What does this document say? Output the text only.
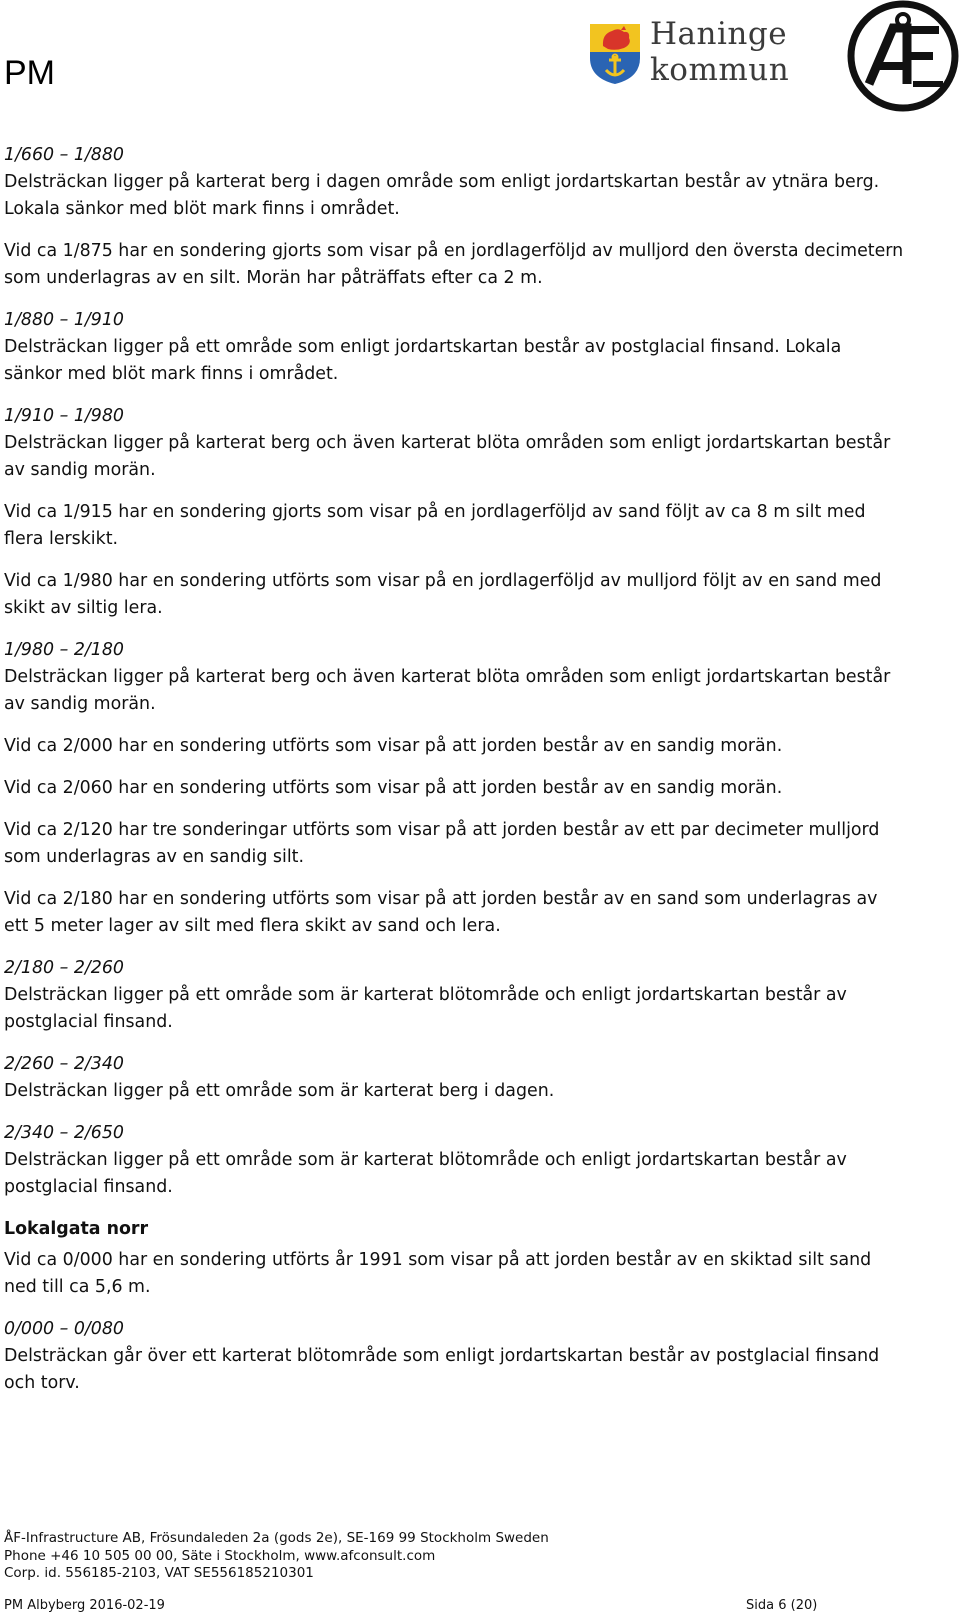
PM
Haninge
kommun

1/660 – 1/880

Delsträckan ligger på karterat berg i dagen område som enligt jordartskartan består av ytnära berg. Lokala sänkor med blöt mark finns i området.

Vid ca 1/875 har en sondering gjorts som visar på en jordlagerföljd av mulljord den översta decimetern som underlagras av en silt. Morän har påträffats efter ca 2 m.

1/880 – 1/910

Delsträckan ligger på ett område som enligt jordartskartan består av postglacial finsand. Lokala sänkor med blöt mark finns i området.

1/910 – 1/980

Delsträckan ligger på karterat berg och även karterat blöta områden som enligt jordartskartan består av sandig morän.

Vid ca 1/915 har en sondering gjorts som visar på en jordlagerföljd av sand följt av ca 8 m silt med flera lerskikt.

Vid ca 1/980 har en sondering utförts som visar på en jordlagerföljd av mulljord följt av en sand med skikt av siltig lera.

1/980 – 2/180

Delsträckan ligger på karterat berg och även karterat blöta områden som enligt jordartskartan består av sandig morän.

Vid ca 2/000 har en sondering utförts som visar på att jorden består av en sandig morän.

Vid ca 2/060 har en sondering utförts som visar på att jorden består av en sandig morän.

Vid ca 2/120 har tre sonderingar utförts som visar på att jorden består av ett par decimeter mulljord som underlagras av en sandig silt.

Vid ca 2/180 har en sondering utförts som visar på att jorden består av en sand som underlagras av ett 5 meter lager av silt med flera skikt av sand och lera.

2/180 – 2/260

Delsträckan ligger på ett område som är karterat blötområde och enligt jordartskartan består av postglacial finsand.

2/260 – 2/340

Delsträckan ligger på ett område som är karterat berg i dagen.

2/340 – 2/650

Delsträckan ligger på ett område som är karterat blötområde och enligt jordartskartan består av postglacial finsand.

Lokalgata norr

Vid ca 0/000 har en sondering utförts år 1991 som visar på att jorden består av en skiktad silt sand ned till ca 5,6 m.

0/000 – 0/080

Delsträckan går över ett karterat blötområde som enligt jordartskartan består av postglacial finsand och torv.

ÅF-Infrastructure AB, Frösundaleden 2a (gods 2e), SE-169 99 Stockholm Sweden
Phone +46 10 505 00 00, Säte i Stockholm, www.afconsult.com
Corp. id. 556185-2103, VAT SE556185210301
PM Albyberg 2016-02-19	Sida 6 (20)
